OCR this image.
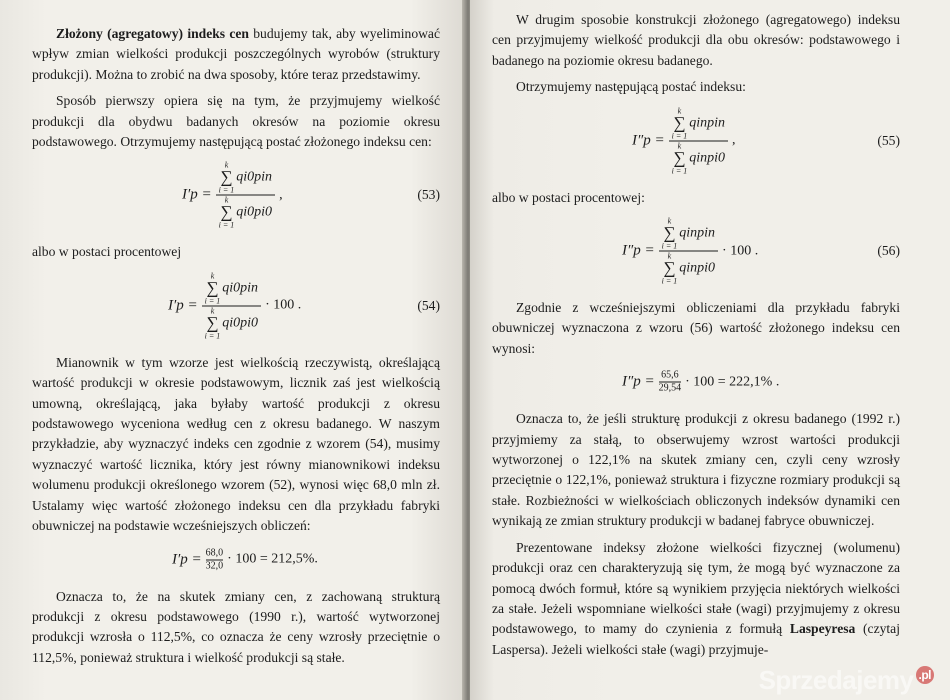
Złożony (agregatowy) indeks cen budujemy tak, aby wyeliminować wpływ zmian wielkości produkcji poszczególnych wyrobów (struktury produkcji). Można to zrobić na dwa sposoby, które teraz przedstawimy.

Sposób pierwszy opiera się na tym, że przyjmujemy wielkość produkcji dla obydwu badanych okresów na poziomie okresu podstawowego. Otrzymujemy następującą postać złożonego indeksu cen:

I′p = k
∑
i = 1
qi0pin
k
∑
i = 1
qi0pi0 ,	(53)

albo w postaci procentowej

I′p = k
∑
i = 1
qi0pin
k
∑
i = 1
qi0pi0 · 100 .	(54)

Mianownik w tym wzorze jest wielkością rzeczywistą, określającą wartość produkcji w okresie podstawowym, licznik zaś jest wielkością umowną, określającą, jaka byłaby wartość produkcji z okresu podstawowego wyceniona według cen z okresu badanego. W naszym przykładzie, aby wyznaczyć indeks cen zgodnie z wzorem (54), musimy wyznaczyć wartość licznika, który jest równy mianownikowi indeksu wolumenu produkcji określonego wzorem (52), wynosi więc 68,0 mln zł. Ustalamy więc wartość złożonego indeksu cen dla przykładu fabryki obuwniczej na podstawie wcześniejszych obliczeń:

I′p = 68,0
32,0 · 100 = 212,5%.

Oznacza to, że na skutek zmiany cen, z zachowaną strukturą produkcji z okresu podstawowego (1990 r.), wartość wytworzonej produkcji wzrosła o 112,5%, co oznacza że ceny wzrosły przeciętnie o 112,5%, ponieważ struktura i wielkość produkcji są stałe.

W drugim sposobie konstrukcji złożonego (agregatowego) indeksu cen przyjmujemy wielkość produkcji dla obu okresów: podstawowego i badanego na poziomie okresu badanego.

Otrzymujemy następującą postać indeksu:

I″p = k
∑
i = 1
qinpin
k
∑
i = 1
qinpi0 ,	(55)

albo w postaci procentowej:

I″p = k
∑
i = 1
qinpin
k
∑
i = 1
qinpi0 · 100 .	(56)

Zgodnie z wcześniejszymi obliczeniami dla przykładu fabryki obuwniczej wyznaczona z wzoru (56) wartość złożonego indeksu cen wynosi:

I″p = 65,6
29,54 · 100 = 222,1% .

Oznacza to, że jeśli strukturę produkcji z okresu badanego (1992 r.) przyjmiemy za stałą, to obserwujemy wzrost wartości produkcji wytworzonej o 122,1% na skutek zmiany cen, czyli ceny wzrosły przeciętnie o 122,1%, ponieważ struktura i fizyczne rozmiary produkcji są stałe. Rozbieżności w wielkościach obliczonych indeksów dynamiki cen wynikają ze zmian struktury produkcji w badanej fabryce obuwniczej.

Prezentowane indeksy złożone wielkości fizycznej (wolumenu) produkcji oraz cen charakteryzują się tym, że mogą być wyznaczone za pomocą dwóch formuł, które są wynikiem przyjęcia niektórych wielkości za stałe. Jeżeli wspomniane wielkości stałe (wagi) przyjmujemy z okresu podstawowego, to mamy do czynienia z formułą Laspeyresa (czytaj Laspersa). Jeżeli wielkości stałe (wagi) przyjmuje-

Sprzedajemy $^{.pl}$
